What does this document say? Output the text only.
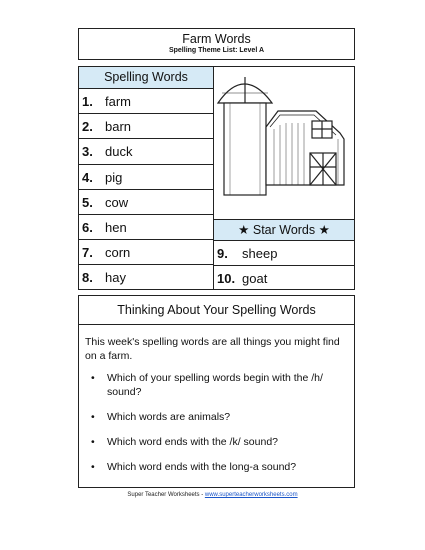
Farm Words
Spelling Theme List: Level A
Spelling Words
1. farm
2. barn
3. duck
4. pig
5. cow
6. hen
7. corn
8. hay
★ Star Words ★
9. sheep
10. goat
Thinking About Your Spelling Words
This week's spelling words are all things you might find on a farm.
• Which of your spelling words begin with the /h/ sound?
• Which words are animals?
• Which word ends with the /k/ sound?
• Which word ends with the long-a sound?
Super Teacher Worksheets - www.superteacherworksheets.com
